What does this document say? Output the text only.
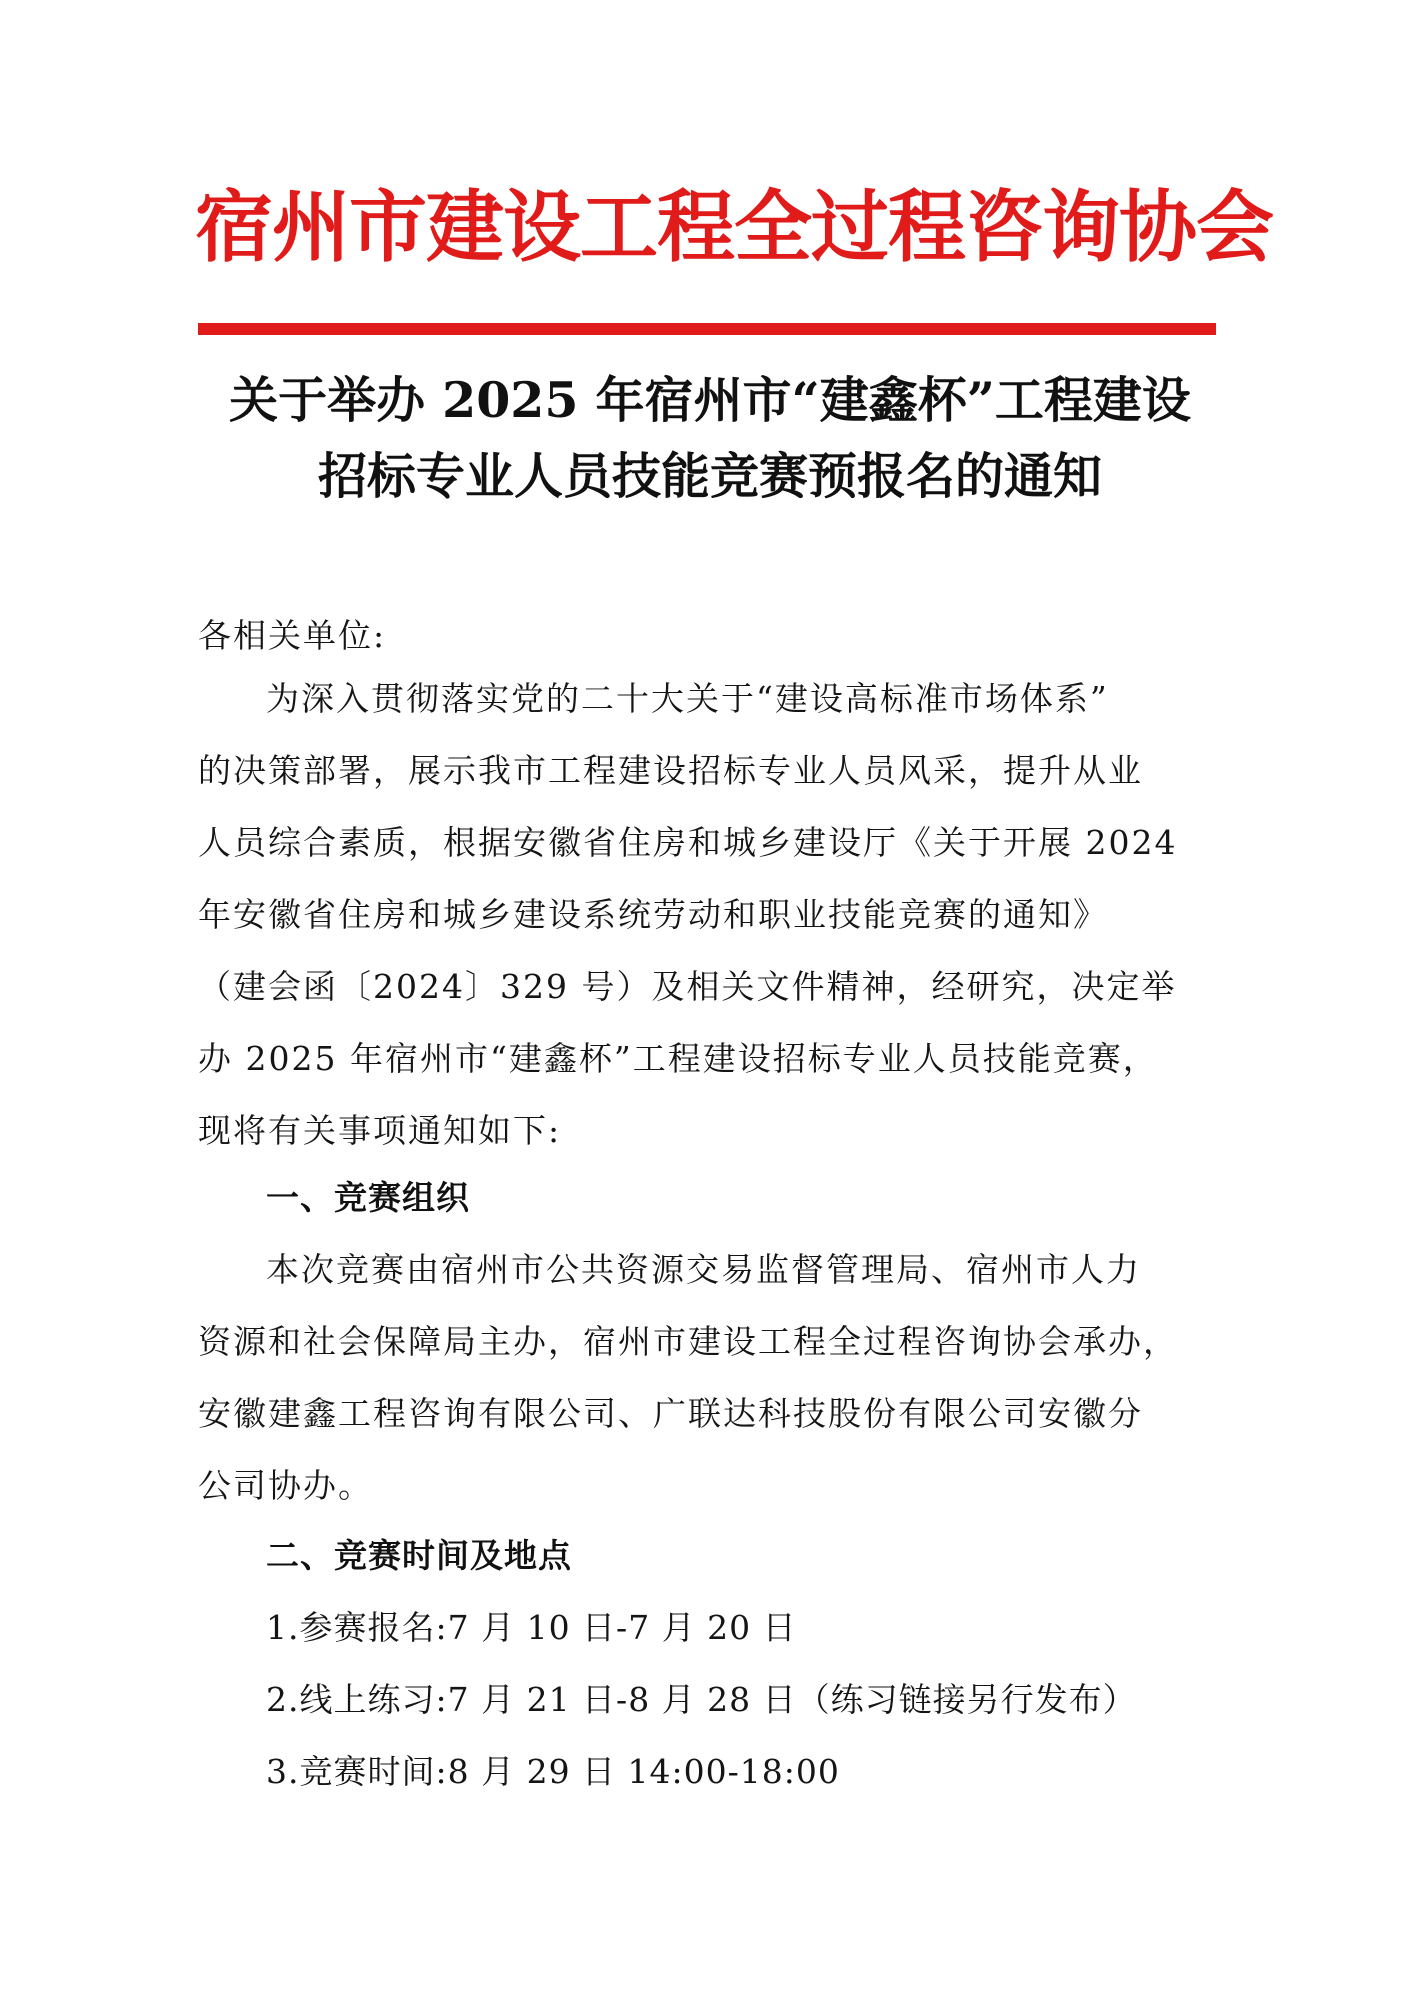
宿州市建设工程全过程咨询协会
关于举办 2025 年宿州市“建鑫杯”工程建设
招标专业人员技能竞赛预报名的通知
各相关单位:
为深入贯彻落实党的二十大关于“建设高标准市场体系”
的决策部署，展示我市工程建设招标专业人员风采，提升从业
人员综合素质，根据安徽省住房和城乡建设厅《关于开展 2024
年安徽省住房和城乡建设系统劳动和职业技能竞赛的通知》
（建会函〔2024〕329 号）及相关文件精神，经研究，决定举
办 2025 年宿州市“建鑫杯”工程建设招标专业人员技能竞赛，
现将有关事项通知如下:
一、竞赛组织
本次竞赛由宿州市公共资源交易监督管理局、宿州市人力
资源和社会保障局主办，宿州市建设工程全过程咨询协会承办，
安徽建鑫工程咨询有限公司、广联达科技股份有限公司安徽分
公司协办。
二、竞赛时间及地点
1.参赛报名:7 月 10 日-7 月 20 日
2.线上练习:7 月 21 日-8 月 28 日（练习链接另行发布）
3.竞赛时间:8 月 29 日 14:00-18:00
